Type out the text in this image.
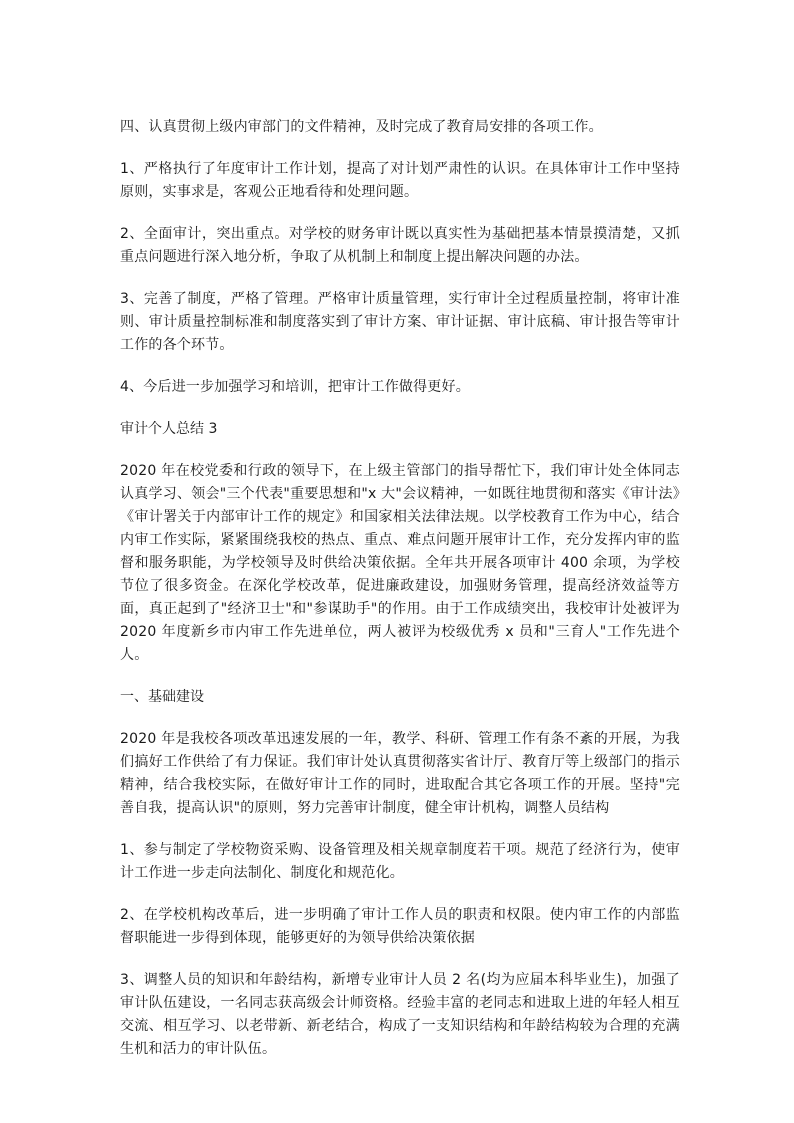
四、认真贯彻上级内审部门的文件精神，及时完成了教育局安排的各项工作。

1、严格执行了年度审计工作计划，提高了对计划严肃性的认识。在具体审计工作中坚持原则，实事求是，客观公正地看待和处理问题。

2、全面审计，突出重点。对学校的财务审计既以真实性为基础把基本情景摸清楚，又抓重点问题进行深入地分析，争取了从机制上和制度上提出解决问题的办法。

3、完善了制度，严格了管理。严格审计质量管理，实行审计全过程质量控制，将审计准则、审计质量控制标准和制度落实到了审计方案、审计证据、审计底稿、审计报告等审计工作的各个环节。

4、今后进一步加强学习和培训，把审计工作做得更好。

审计个人总结 3

2020 年在校党委和行政的领导下，在上级主管部门的指导帮忙下，我们审计处全体同志认真学习、领会"三个代表"重要思想和"x 大"会议精神，一如既往地贯彻和落实《审计法》《审计署关于内部审计工作的规定》和国家相关法律法规。以学校教育工作为中心，结合内审工作实际，紧紧围绕我校的热点、重点、难点问题开展审计工作，充分发挥内审的监督和服务职能，为学校领导及时供给决策依据。全年共开展各项审计 400 余项，为学校节位了很多资金。在深化学校改革，促进廉政建设，加强财务管理，提高经济效益等方面，真正起到了"经济卫士"和"参谋助手"的作用。由于工作成绩突出，我校审计处被评为 2020 年度新乡市内审工作先进单位，两人被评为校级优秀 x 员和"三育人"工作先进个人。

一、基础建设

2020 年是我校各项改革迅速发展的一年，教学、科研、管理工作有条不紊的开展，为我们搞好工作供给了有力保证。我们审计处认真贯彻落实省计厅、教育厅等上级部门的指示精神，结合我校实际，在做好审计工作的同时，进取配合其它各项工作的开展。坚持"完善自我，提高认识"的原则，努力完善审计制度，健全审计机构，调整人员结构

1、参与制定了学校物资采购、设备管理及相关规章制度若干项。规范了经济行为，使审计工作进一步走向法制化、制度化和规范化。

2、在学校机构改革后，进一步明确了审计工作人员的职责和权限。使内审工作的内部监督职能进一步得到体现，能够更好的为领导供给决策依据

3、调整人员的知识和年龄结构，新增专业审计人员 2 名(均为应届本科毕业生)，加强了审计队伍建设，一名同志获高级会计师资格。经验丰富的老同志和进取上进的年轻人相互交流、相互学习、以老带新、新老结合，构成了一支知识结构和年龄结构较为合理的充满生机和活力的审计队伍。
